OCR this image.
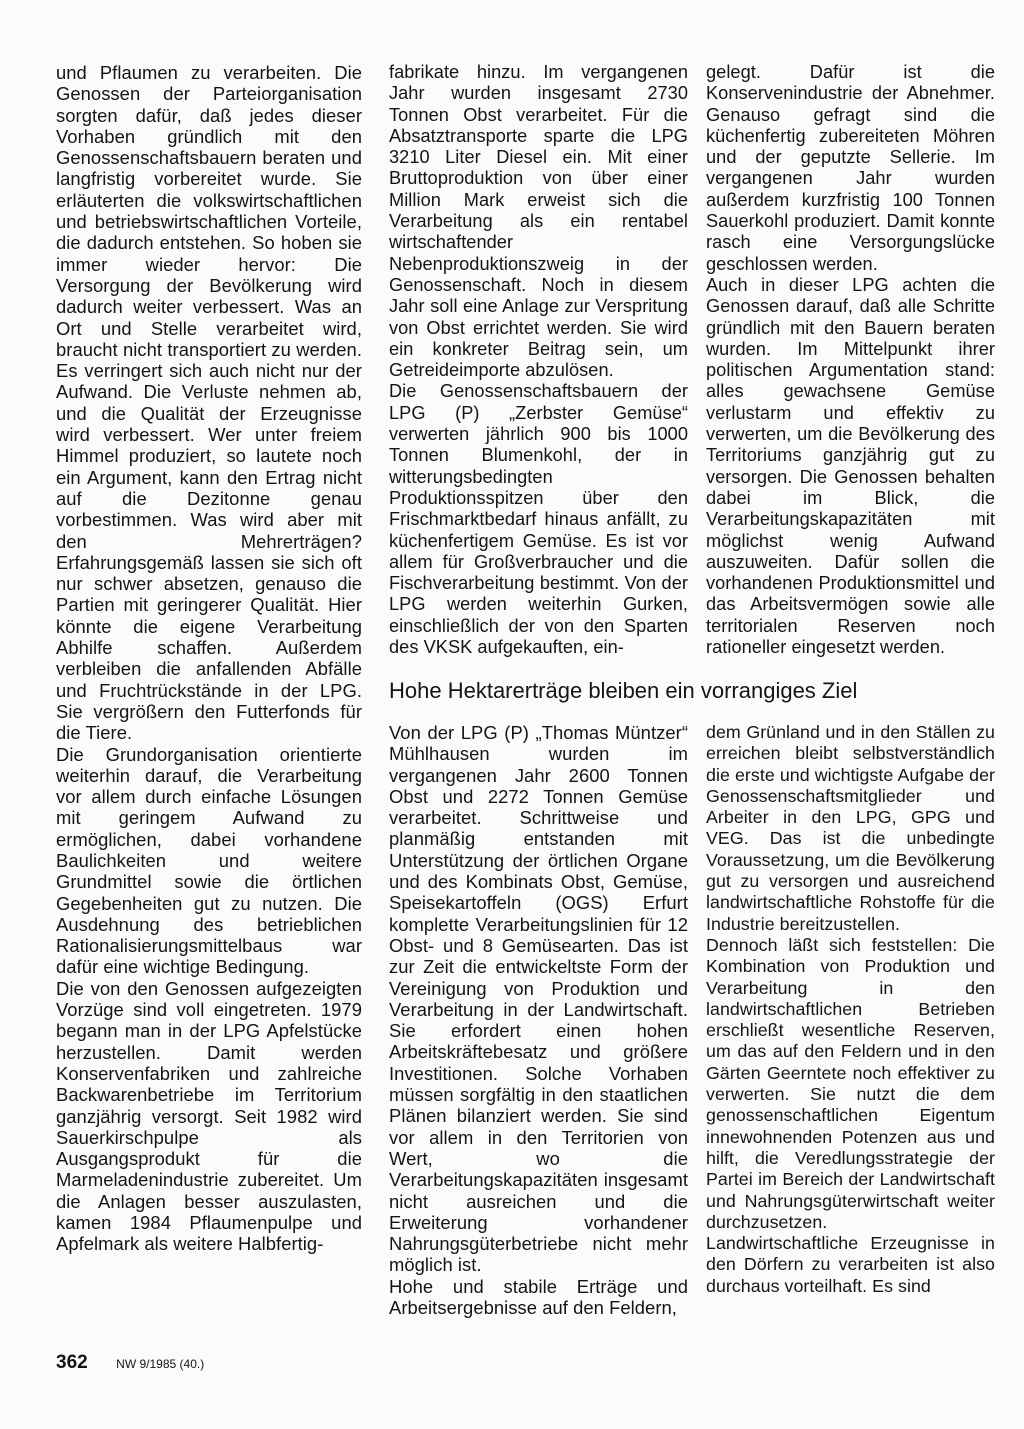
und Pflaumen zu verarbeiten. Die Genossen der Parteiorganisation sorgten dafür, daß jedes dieser Vorhaben gründlich mit den Genossenschaftsbauern beraten und langfristig vorbereitet wurde. Sie erläuterten die volkswirtschaftlichen und betriebswirtschaftlichen Vorteile, die dadurch entstehen. So hoben sie immer wieder hervor: Die Versorgung der Bevölkerung wird dadurch weiter verbessert. Was an Ort und Stelle verarbeitet wird, braucht nicht transportiert zu werden. Es verringert sich auch nicht nur der Aufwand. Die Verluste nehmen ab, und die Qualität der Erzeugnisse wird verbessert. Wer unter freiem Himmel produziert, so lautete noch ein Argument, kann den Ertrag nicht auf die Dezitonne genau vorbestimmen. Was wird aber mit den Mehrerträgen? Erfahrungsgemäß lassen sie sich oft nur schwer absetzen, genauso die Partien mit geringerer Qualität. Hier könnte die eigene Verarbeitung Abhilfe schaffen. Außerdem verbleiben die anfallenden Abfälle und Fruchtrückstände in der LPG. Sie vergrößern den Futterfonds für die Tiere.

Die Grundorganisation orientierte weiterhin darauf, die Verarbeitung vor allem durch einfache Lösungen mit geringem Aufwand zu ermöglichen, dabei vorhandene Baulichkeiten und weitere Grundmittel sowie die örtlichen Gegebenheiten gut zu nutzen. Die Ausdehnung des betrieblichen Rationalisierungsmittelbaus war dafür eine wichtige Bedingung.

Die von den Genossen aufgezeigten Vorzüge sind voll eingetreten. 1979 begann man in der LPG Apfelstücke herzustellen. Damit werden Konservenfabriken und zahlreiche Backwarenbetriebe im Territorium ganzjährig versorgt. Seit 1982 wird Sauerkirschpulpe als Ausgangsprodukt für die Marmeladenindustrie zubereitet. Um die Anlagen besser auszulasten, kamen 1984 Pflaumenpulpe und Apfelmark als weitere Halbfertig-

fabrikate hinzu. Im vergangenen Jahr wurden insgesamt 2730 Tonnen Obst verarbeitet. Für die Absatztransporte sparte die LPG 3210 Liter Diesel ein. Mit einer Bruttoproduktion von über einer Million Mark erweist sich die Verarbeitung als ein rentabel wirtschaftender Nebenproduktionszweig in der Genossenschaft. Noch in diesem Jahr soll eine Anlage zur Verspritung von Obst errichtet werden. Sie wird ein konkreter Beitrag sein, um Getreideimporte abzulösen.

Die Genossenschaftsbauern der LPG (P) „Zerbster Gemüse“ verwerten jährlich 900 bis 1000 Tonnen Blumenkohl, der in witterungsbedingten Produktionsspitzen über den Frischmarktbedarf hinaus anfällt, zu küchenfertigem Gemüse. Es ist vor allem für Großverbraucher und die Fischverarbeitung bestimmt. Von der LPG werden weiterhin Gurken, einschließlich der von den Sparten des VKSK aufgekauften, ein-

gelegt. Dafür ist die Konservenindustrie der Abnehmer. Genauso gefragt sind die küchenfertig zubereiteten Möhren und der geputzte Sellerie. Im vergangenen Jahr wurden außerdem kurzfristig 100 Tonnen Sauerkohl produziert. Damit konnte rasch eine Versorgungslücke geschlossen werden.

Auch in dieser LPG achten die Genossen darauf, daß alle Schritte gründlich mit den Bauern beraten wurden. Im Mittelpunkt ihrer politischen Argumentation stand: alles gewachsene Gemüse verlustarm und effektiv zu verwerten, um die Bevölkerung des Territoriums ganzjährig gut zu versorgen. Die Genossen behalten dabei im Blick, die Verarbeitungskapazitäten mit möglichst wenig Aufwand auszuweiten. Dafür sollen die vorhandenen Produktionsmittel und das Arbeitsvermögen sowie alle territorialen Reserven noch rationeller eingesetzt werden.

Hohe Hektarerträge bleiben ein vorrangiges Ziel

Von der LPG (P) „Thomas Müntzer“ Mühlhausen wurden im vergangenen Jahr 2600 Tonnen Obst und 2272 Tonnen Gemüse verarbeitet. Schrittweise und planmäßig entstanden mit Unterstützung der örtlichen Organe und des Kombinats Obst, Gemüse, Speisekartoffeln (OGS) Erfurt komplette Verarbeitungslinien für 12 Obst- und 8 Gemüsearten. Das ist zur Zeit die entwickeltste Form der Vereinigung von Produktion und Verarbeitung in der Landwirtschaft. Sie erfordert einen hohen Arbeitskräftebesatz und größere Investitionen. Solche Vorhaben müssen sorgfältig in den staatlichen Plänen bilanziert werden. Sie sind vor allem in den Territorien von Wert, wo die Verarbeitungskapazitäten insgesamt nicht ausreichen und die Erweiterung vorhandener Nahrungsgüterbetriebe nicht mehr möglich ist.

Hohe und stabile Erträge und Arbeitsergebnisse auf den Feldern,

dem Grünland und in den Ställen zu erreichen bleibt selbstverständlich die erste und wichtigste Aufgabe der Genossenschaftsmitglieder und Arbeiter in den LPG, GPG und VEG. Das ist die unbedingte Voraussetzung, um die Bevölkerung gut zu versorgen und ausreichend landwirtschaftliche Rohstoffe für die Industrie bereitzustellen.

Dennoch läßt sich feststellen: Die Kombination von Produktion und Verarbeitung in den landwirtschaftlichen Betrieben erschließt wesentliche Reserven, um das auf den Feldern und in den Gärten Geerntete noch effektiver zu verwerten. Sie nutzt die dem genossenschaftlichen Eigentum innewohnenden Potenzen aus und hilft, die Veredlungsstrategie der Partei im Bereich der Landwirtschaft und Nahrungsgüterwirtschaft weiter durchzusetzen.

Landwirtschaftliche Erzeugnisse in den Dörfern zu verarbeiten ist also durchaus vorteilhaft. Es sind

362 NW 9/1985 (40.)
